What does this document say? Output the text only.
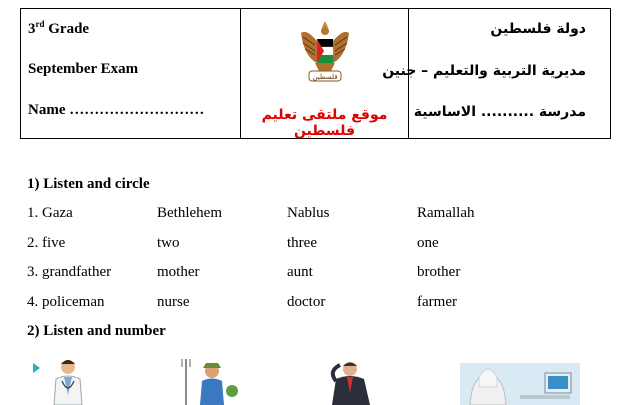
3rd Grade
September Exam
Name ………………………
فلسطين
موقع ملتقى تعليم فلسطين
دولة فلسطين
مديرية التربية والتعليم – جنين
مدرسة .......... الاساسية
1) Listen and circle
1. Gaza	Bethlehem	Nablus	Ramallah
2. five	two	three	one
3. grandfather	mother	aunt	brother
4. policeman	nurse	doctor	farmer
2) Listen and number
